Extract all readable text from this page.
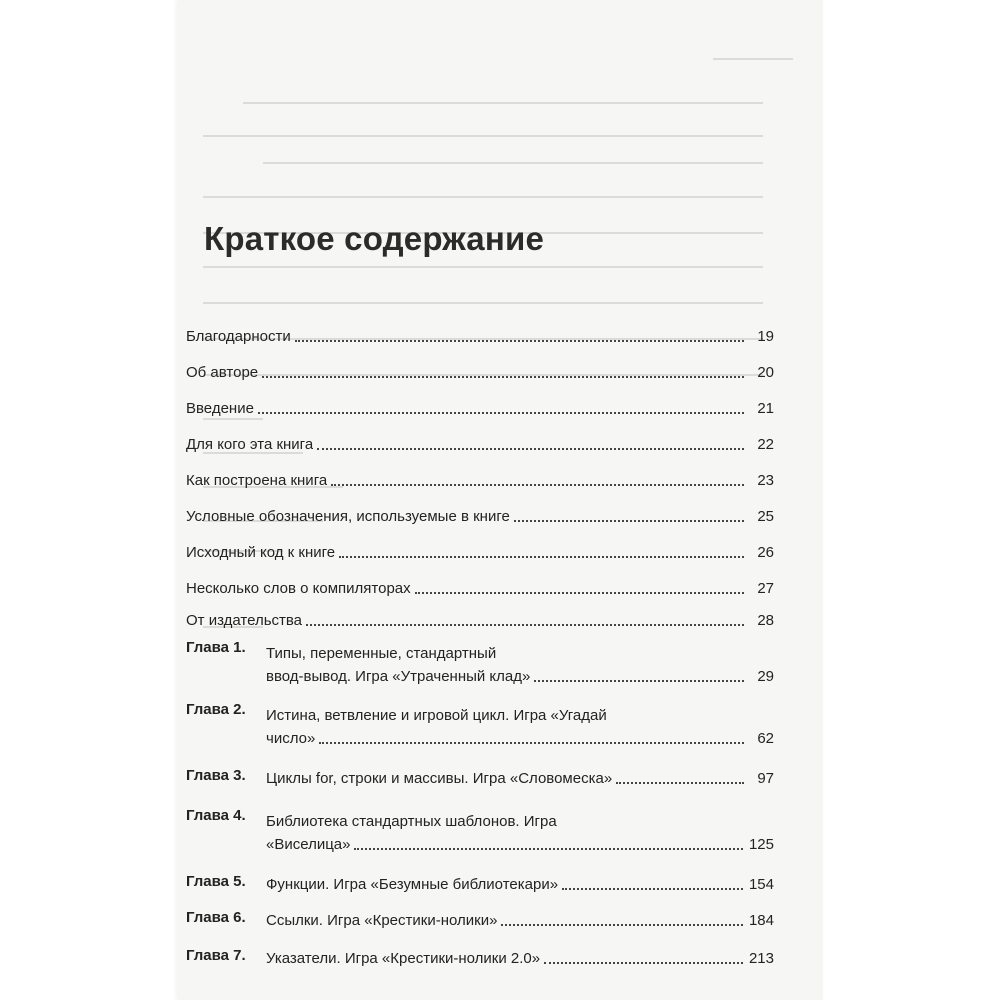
Краткое содержание
Благодарности	19
Об авторе	20
Введение	21
Для кого эта книга	22
Как построена книга	23
Условные обозначения, используемые в книге	25
Исходный код к книге	26
Несколько слов о компиляторах	27
От издательства	28
Глава 1.	Типы, переменные, стандартный
ввод-вывод. Игра «Утраченный клад»	29
Глава 2.	Истина, ветвление и игровой цикл. Игра «Угадай
число»	62
Глава 3.	Циклы for, строки и массивы. Игра «Словомеска»	97
Глава 4.	Библиотека стандартных шаблонов. Игра
«Виселица»	125
Глава 5.	Функции. Игра «Безумные библиотекари»	154
Глава 6.	Ссылки. Игра «Крестики-нолики»	184
Глава 7.	Указатели. Игра «Крестики-нолики 2.0»	213
